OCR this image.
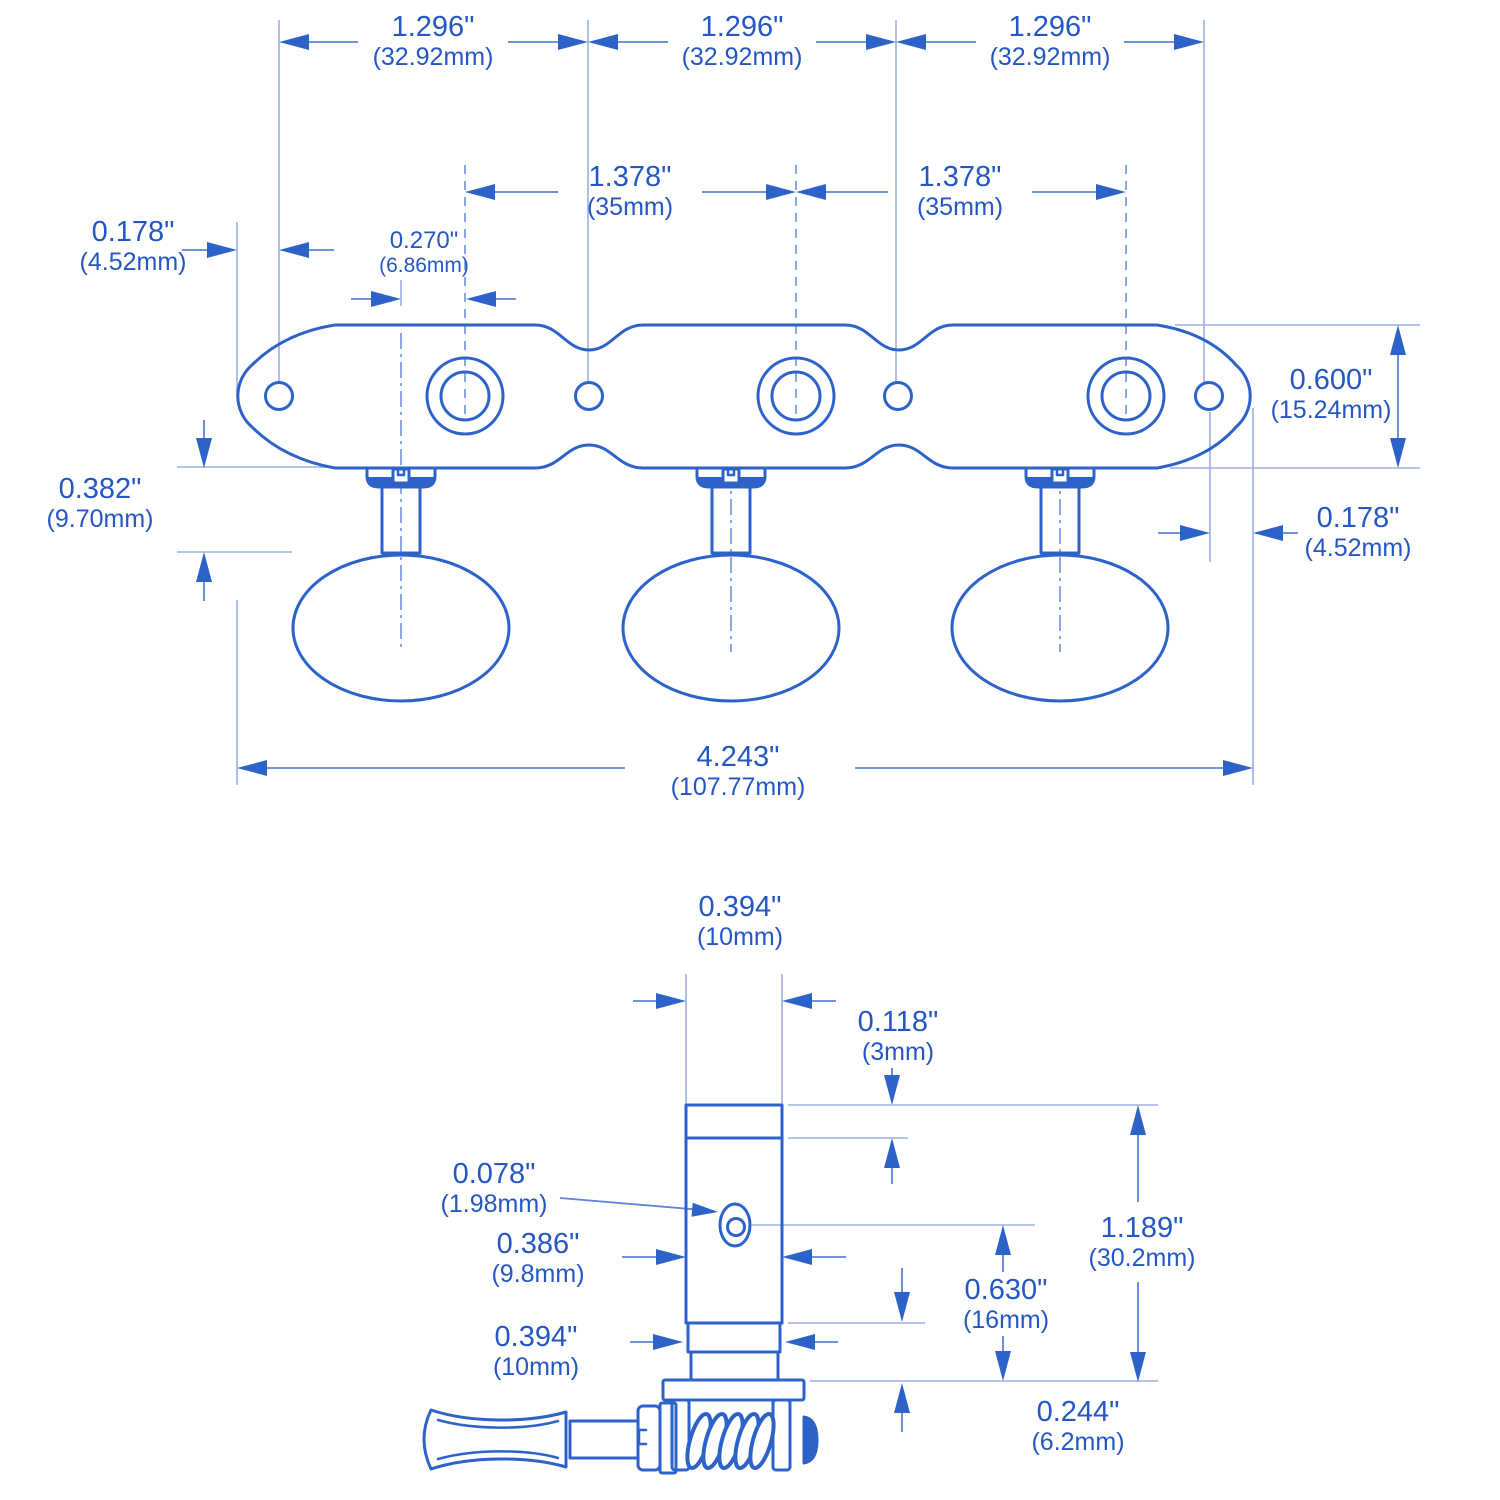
1.296"
(32.92mm)
1.296"
(32.92mm)
1.296"
(32.92mm)
1.378"
(35mm)
1.378"
(35mm)
0.178"
(4.52mm)
0.270"
(6.86mm)
0.600"
(15.24mm)
0.382"
(9.70mm)	0.178"
(4.52mm)
4.243"
(107.77mm)
0.394"
(10mm)
0.118"
(3mm)
0.078"
(1.98mm)
0.386"
(9.8mm)
0.394"
(10mm)
0.630"
(16mm)
1.189"
(30.2mm)
0.244"
(6.2mm)
